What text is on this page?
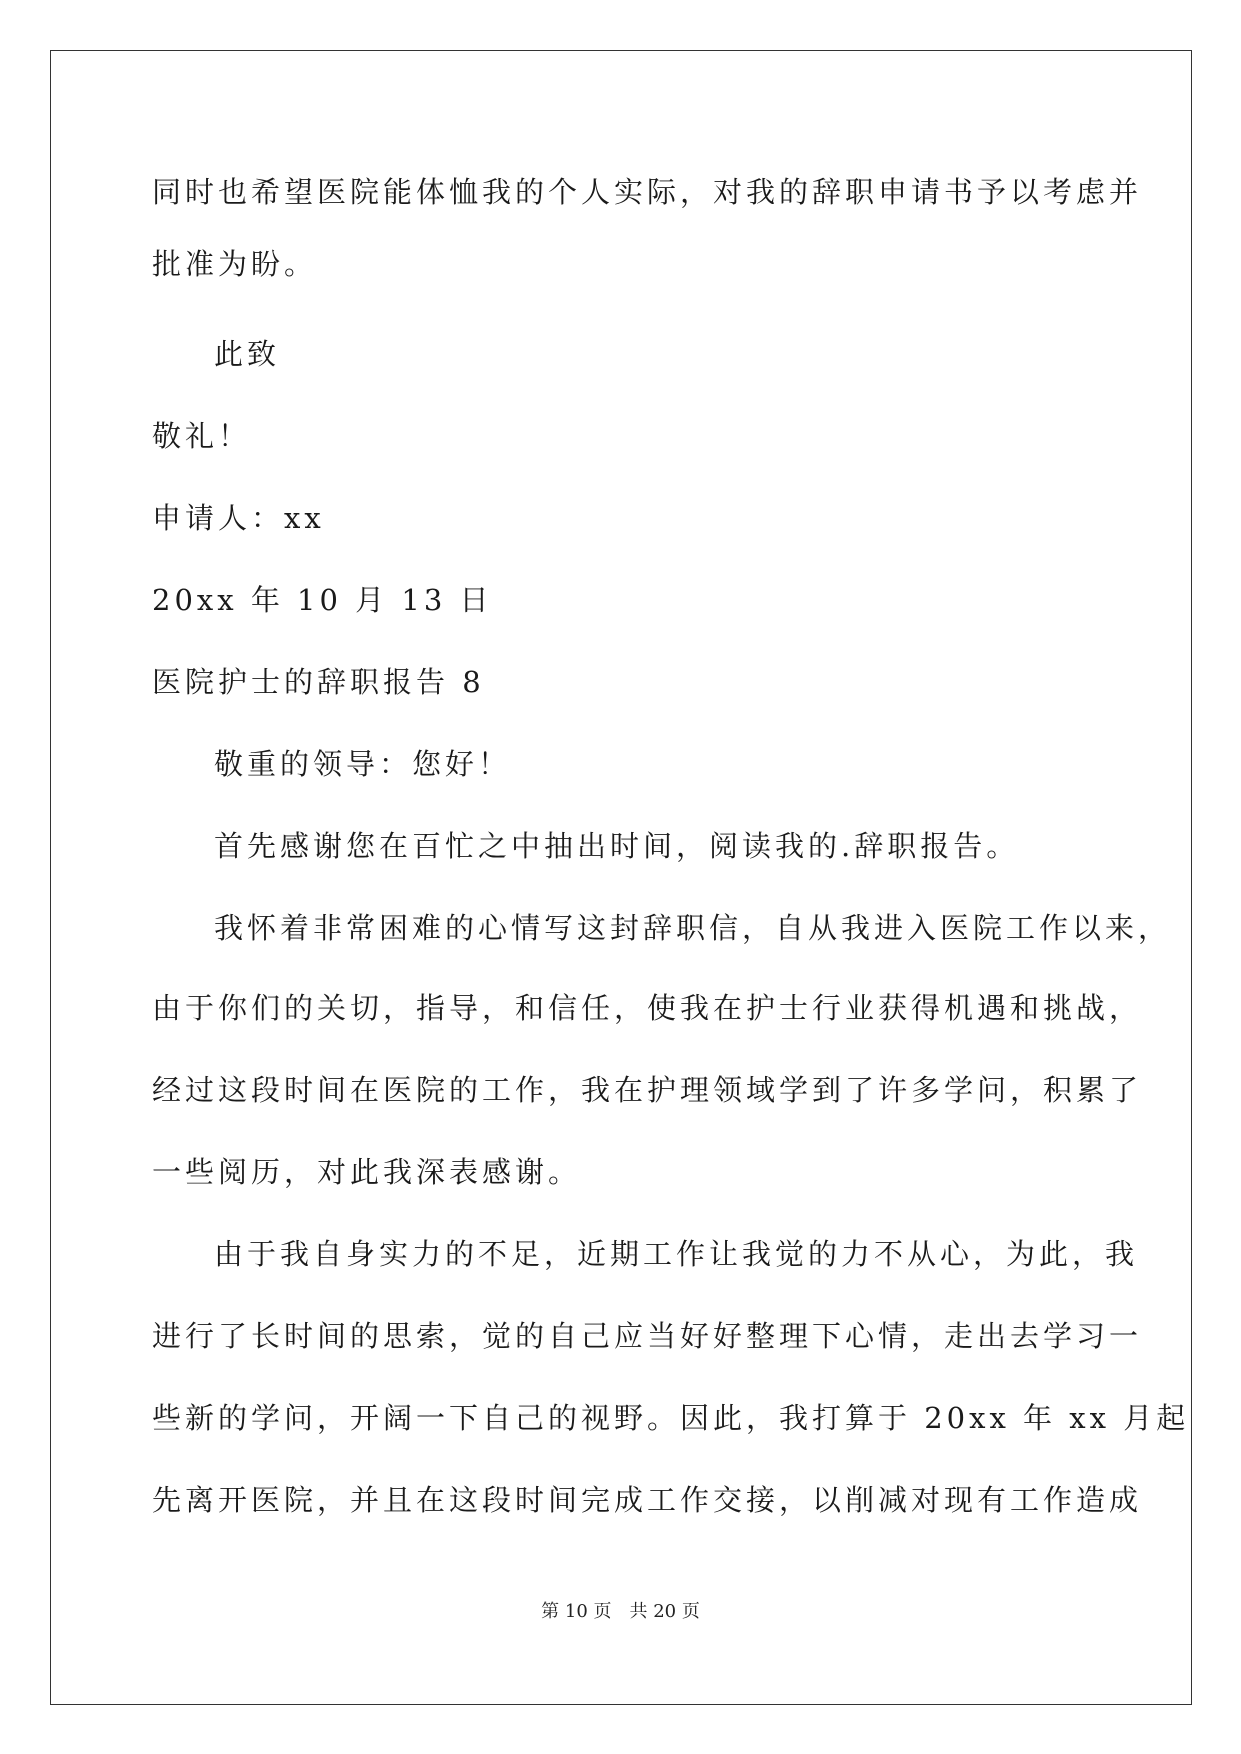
同时也希望医院能体恤我的个人实际，对我的辞职申请书予以考虑并
批准为盼。
此致
敬礼！
申请人：xx
20xx 年 10 月 13 日
医院护士的辞职报告 8
敬重的领导：您好！
首先感谢您在百忙之中抽出时间，阅读我的.辞职报告。
我怀着非常困难的心情写这封辞职信，自从我进入医院工作以来，
由于你们的关切，指导，和信任，使我在护士行业获得机遇和挑战，
经过这段时间在医院的工作，我在护理领域学到了许多学问，积累了
一些阅历，对此我深表感谢。
由于我自身实力的不足，近期工作让我觉的力不从心，为此，我
进行了长时间的思索，觉的自己应当好好整理下心情，走出去学习一
些新的学问，开阔一下自己的视野。因此，我打算于 20xx 年 xx 月起
先离开医院，并且在这段时间完成工作交接，以削减对现有工作造成
第 10 页　共 20 页
